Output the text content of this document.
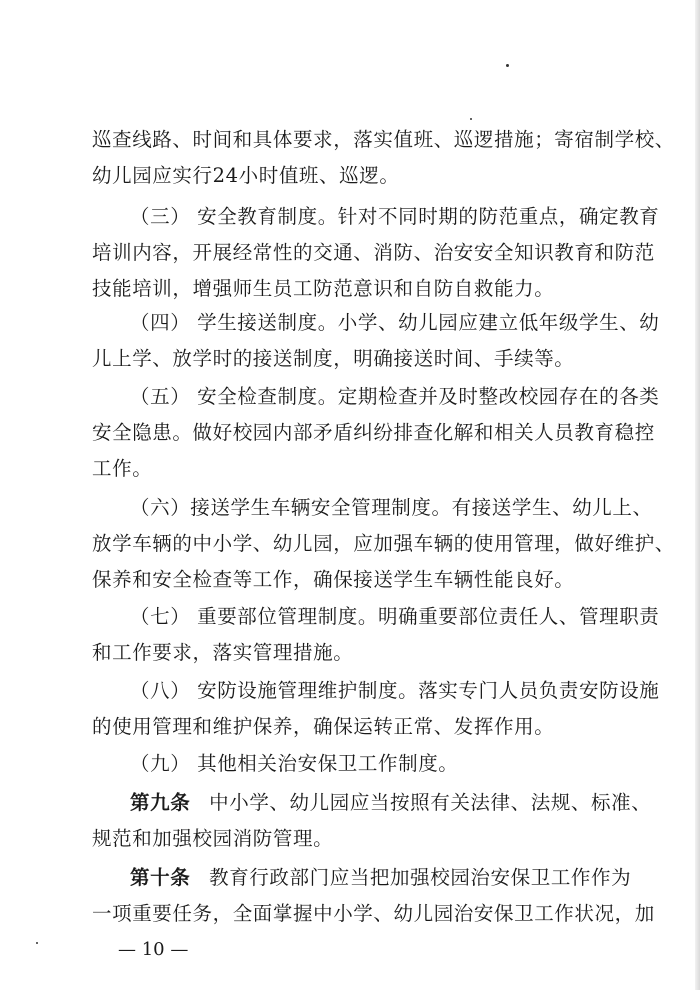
巡查线路、时间和具体要求，落实值班、巡逻措施；寄宿制学校、
幼儿园应实行24小时值班、巡逻。
（三） 安全教育制度。针对不同时期的防范重点，确定教育
培训内容，开展经常性的交通、消防、治安安全知识教育和防范
技能培训，增强师生员工防范意识和自防自救能力。
（四） 学生接送制度。小学、幼儿园应建立低年级学生、幼
儿上学、放学时的接送制度，明确接送时间、手续等。
（五） 安全检查制度。定期检查并及时整改校园存在的各类
安全隐患。做好校园内部矛盾纠纷排查化解和相关人员教育稳控
工作。
（六）接送学生车辆安全管理制度。有接送学生、幼儿上、
放学车辆的中小学、幼儿园，应加强车辆的使用管理，做好维护、
保养和安全检查等工作，确保接送学生车辆性能良好。
（七） 重要部位管理制度。明确重要部位责任人、管理职责
和工作要求，落实管理措施。
（八） 安防设施管理维护制度。落实专门人员负责安防设施
的使用管理和维护保养，确保运转正常、发挥作用。
（九） 其他相关治安保卫工作制度。
第九条 中小学、幼儿园应当按照有关法律、法规、标准、
规范和加强校园消防管理。
第十条 教育行政部门应当把加强校园治安保卫工作作为
一项重要任务，全面掌握中小学、幼儿园治安保卫工作状况，加
— 10 —
